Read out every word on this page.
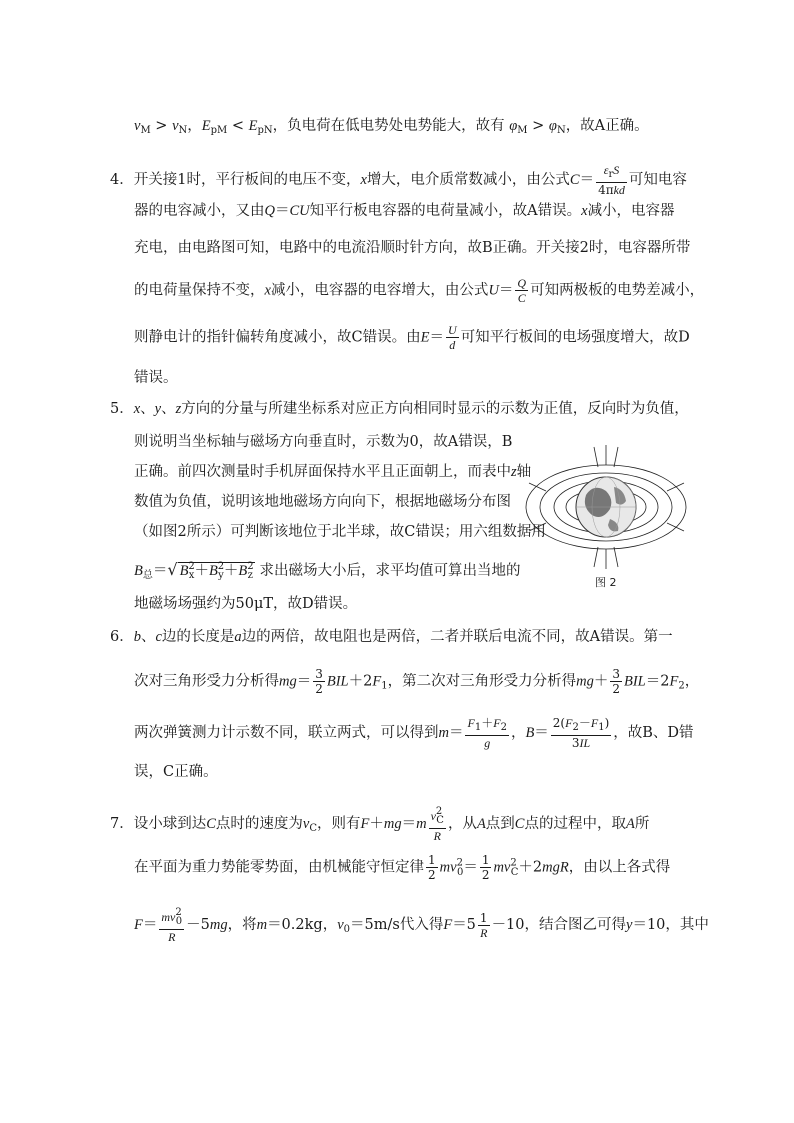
$v_M > v_N$，$E_{pM} < E_{pN}$，负电荷在低电势处电势能大，故有 $\varphi_M > \varphi_N$，故A正确。
4．开关接1时，平行板间的电压不变，x增大，电介质常数减小，由公式$C= \frac{\varepsilon_rS}{\text{4πkd}}$ 可知电容
器的电容减小，又由Q＝CU知平行板电容器的电荷量减小，故A错误。x减小，电容器
充电，由电路图可知，电路中的电流沿顺时针方向，故B正确。开关接2时，电容器所带
的电荷量保持不变，x减小，电容器的电容增大，由公式$U= \frac{Q}{C}$ 可知两极板的电势差减小，
则静电计的指针偏转角度减小，故C错误。由$E= \frac{U}{d}$ 可知平行板间的电场强度增大，故D
错误。
5．x、y、z方向的分量与所建坐标系对应正方向相同时显示的示数为正值，反向时为负值，
则说明当坐标轴与磁场方向垂直时，示数为0，故A错误，B
正确。前四次测量时手机屏面保持水平且正面朝上，而表中z轴
数值为负值，说明该地地磁场方向向下，根据地磁场分布图
（如图2所示）可判断该地位于北半球，故C错误；用六组数据用
$B_总=√$ $B^2_x+B^2_y+B^2_z$ 求出磁场大小后，求平均值可算出当地的
地磁场场强约为50μT，故D错误。
图 2
6．b、c边的长度是a边的两倍，故电阻也是两倍，二者并联后电流不同，故A错误。第一
次对三角形受力分析得$mg= \frac{3}{2} BIL+2F_1$，第二次对三角形受力分析得$mg+ \frac{3}{2} BIL=2F_2$，
两次弹簧测力计示数不同，联立两式，可以得到$m= \frac{F_1+F_2}{g}$ ，$B= \frac{2(F_2-F_1)}{3IL}$ ，故B、D错
误，C正确。
7．设小球到达C点时的速度为$v_C$，则有$F+mg=m \frac{v^2_C}{R}$ ，从A点到C点的过程中，取A所
在平面为重力势能零势面，由机械能守恒定律 $\frac{1}{2} mv^2_0= \frac{1}{2} mv^2_C+2mgR$，由以上各式得
$F= \frac{mv^2_0}{R} -5mg$，将m＝0.2kg，$v_0=5m/s$代入得$F=5 \frac{1}{R} -10$，结合图乙可得y＝10，其中
